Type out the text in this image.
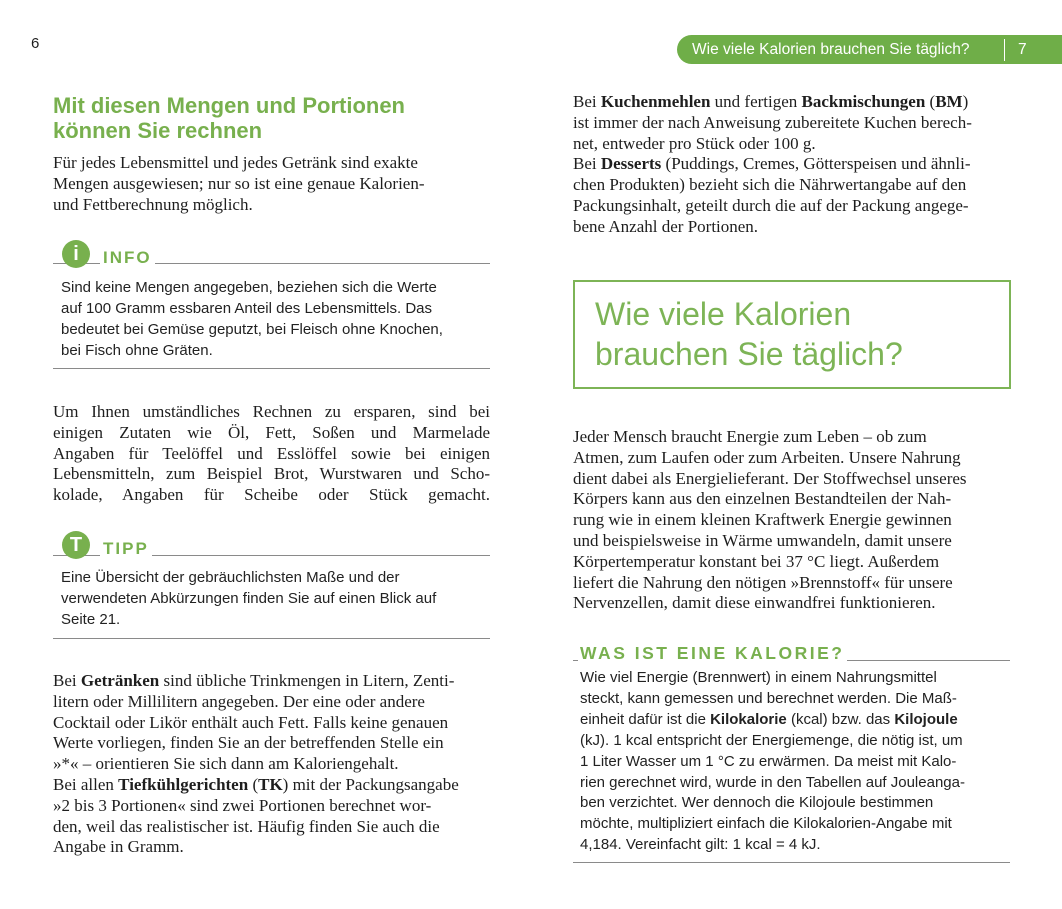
6
Mit diesen Mengen und Portionen
können Sie rechnen
Für jedes Lebensmittel und jedes Getränk sind exakte
Mengen ausgewiesen; nur so ist eine genaue Kalorien-
und Fettberechnung möglich.
i	INFO
Sind keine Mengen angegeben, beziehen sich die Werte
auf 100 Gramm essbaren Anteil des Lebensmittels. Das
bedeutet bei Gemüse geputzt, bei Fleisch ohne Knochen,
bei Fisch ohne Gräten.
Um Ihnen umständliches Rechnen zu ersparen, sind bei
einigen Zutaten wie Öl, Fett, Soßen und Marmelade
Angaben für Teelöffel und Esslöffel sowie bei einigen
Lebensmitteln, zum Beispiel Brot, Wurstwaren und Scho-
kolade, Angaben für Scheibe oder Stück gemacht.
T	TIPP
Eine Übersicht der gebräuchlichsten Maße und der
verwendeten Abkürzungen finden Sie auf einen Blick auf
Seite 21.
Bei Getränken sind übliche Trinkmengen in Litern, Zenti-
litern oder Millilitern angegeben. Der eine oder andere
Cocktail oder Likör enthält auch Fett. Falls keine genauen
Werte vorliegen, finden Sie an der betreffenden Stelle ein
»*« – orientieren Sie sich dann am Kaloriengehalt.
Bei allen Tiefkühlgerichten (TK) mit der Packungsangabe
»2 bis 3 Portionen« sind zwei Portionen berechnet wor-
den, weil das realistischer ist. Häufig finden Sie auch die
Angabe in Gramm.
Wie viele Kalorien brauchen Sie täglich?	7
Bei Kuchenmehlen und fertigen Backmischungen (BM)
ist immer der nach Anweisung zubereitete Kuchen berech-
net, entweder pro Stück oder 100 g.
Bei Desserts (Puddings, Cremes, Götterspeisen und ähnli-
chen Produkten) bezieht sich die Nährwertangabe auf den
Packungsinhalt, geteilt durch die auf der Packung angege-
bene Anzahl der Portionen.
Wie viele Kalorien
brauchen Sie täglich?
Jeder Mensch braucht Energie zum Leben – ob zum
Atmen, zum Laufen oder zum Arbeiten. Unsere Nahrung
dient dabei als Energielieferant. Der Stoffwechsel unseres
Körpers kann aus den einzelnen Bestandteilen der Nah-
rung wie in einem kleinen Kraftwerk Energie gewinnen
und beispielsweise in Wärme umwandeln, damit unsere
Körpertemperatur konstant bei 37 °C liegt. Außerdem
liefert die Nahrung den nötigen »Brennstoff« für unsere
Nervenzellen, damit diese einwandfrei funktionieren.
WAS IST EINE KALORIE?
Wie viel Energie (Brennwert) in einem Nahrungsmittel
steckt, kann gemessen und berechnet werden. Die Maß-
einheit dafür ist die Kilokalorie (kcal) bzw. das Kilojoule
(kJ). 1 kcal entspricht der Energiemenge, die nötig ist, um
1 Liter Wasser um 1 °C zu erwärmen. Da meist mit Kalo-
rien gerechnet wird, wurde in den Tabellen auf Jouleanga-
ben verzichtet. Wer dennoch die Kilojoule bestimmen
möchte, multipliziert einfach die Kilokalorien-Angabe mit
4,184. Vereinfacht gilt: 1 kcal = 4 kJ.
